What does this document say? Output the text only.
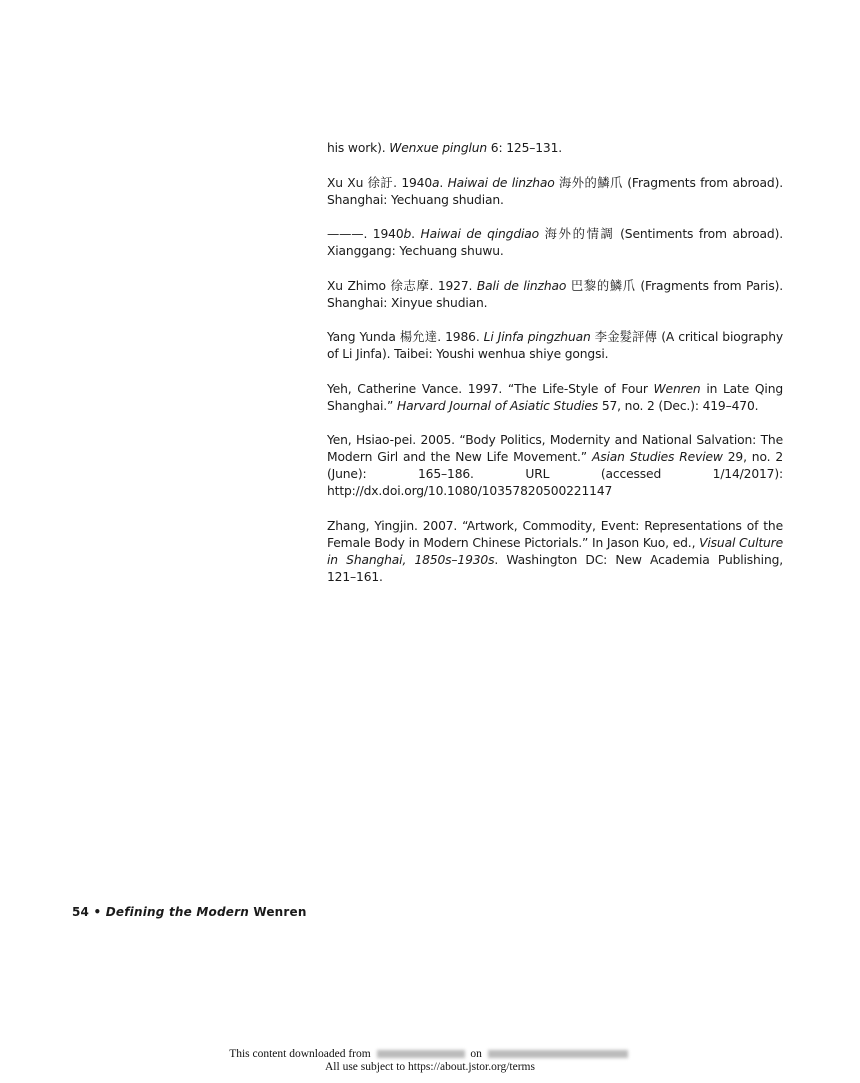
his work). Wenxue pinglun 6: 125–131.

Xu Xu 徐訏. 1940a. Haiwai de linzhao 海外的鱗爪 (Fragments from abroad). Shanghai: Yechuang shudian.

———. 1940b. Haiwai de qingdiao 海外的情調 (Sentiments from abroad). Xianggang: Yechuang shuwu.

Xu Zhimo 徐志摩. 1927. Bali de linzhao 巴黎的鱗爪 (Fragments from Paris). Shanghai: Xinyue shudian.

Yang Yunda 楊允達. 1986. Li Jinfa pingzhuan 李金髮評傳 (A critical biography of Li Jinfa). Taibei: Youshi wenhua shiye gongsi.

Yeh, Catherine Vance. 1997. “The Life-Style of Four Wenren in Late Qing Shanghai.” Harvard Journal of Asiatic Studies 57, no. 2 (Dec.): 419–470.

Yen, Hsiao-pei. 2005. “Body Politics, Modernity and National Salvation: The Modern Girl and the New Life Movement.” Asian Studies Review 29, no. 2 (June): 165–186. URL (accessed 1/14/2017): http://dx.doi.org/10.1080/10357820500221147

Zhang, Yingjin. 2007. “Artwork, Commodity, Event: Representations of the Female Body in Modern Chinese Pictorials.” In Jason Kuo, ed., Visual Culture in Shanghai, 1850s–1930s. Washington DC: New Academia Publishing, 121–161.

54 • Defining the Modern Wenren
This content downloaded from	on
All use subject to https://about.jstor.org/terms
